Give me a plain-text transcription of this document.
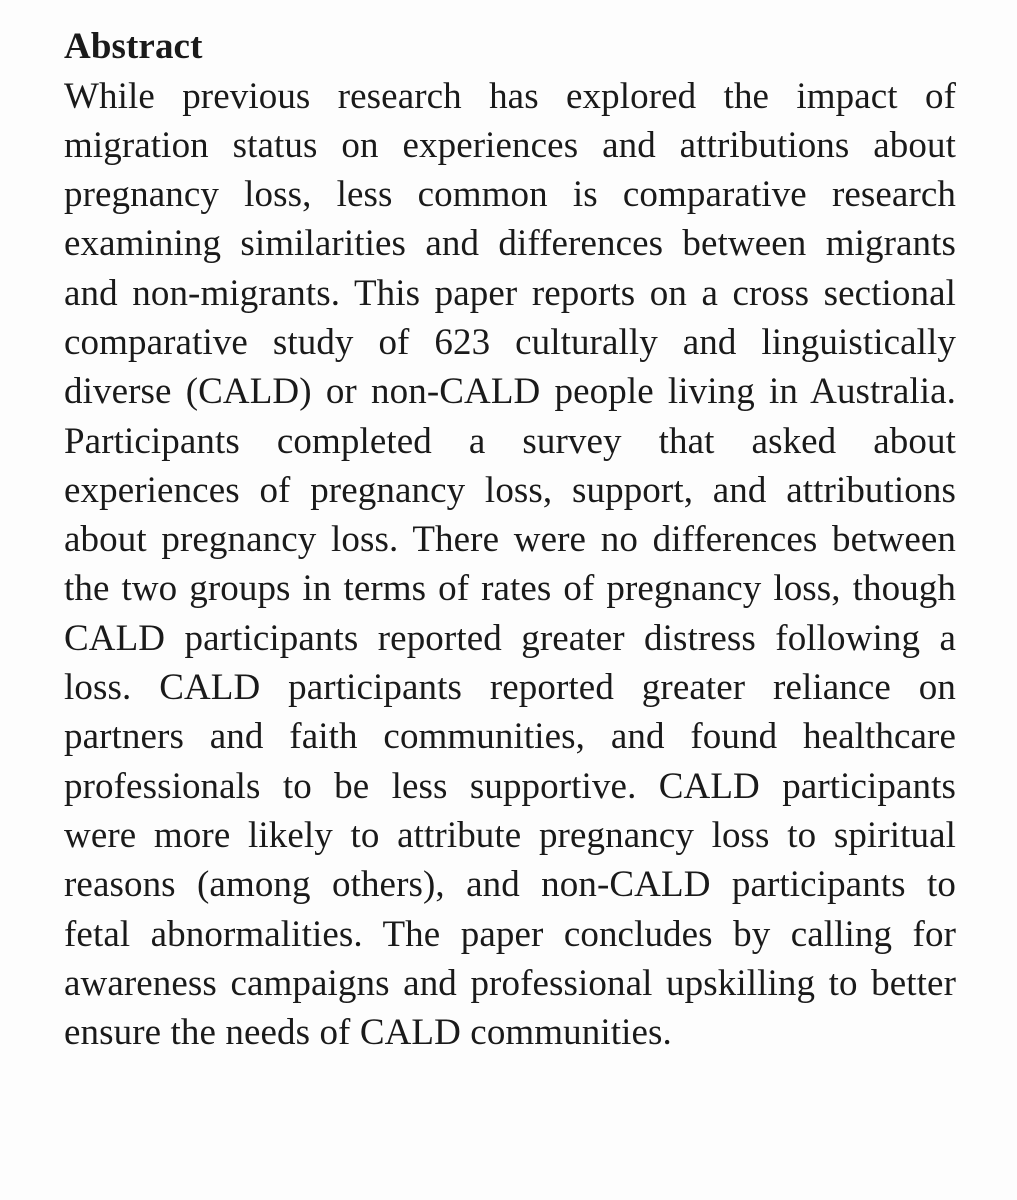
Abstract

While previous research has explored the impact of migration status on experiences and attributions about pregnancy loss, less common is comparative research examining similarities and differences between migrants and non-migrants. This paper reports on a cross sectional comparative study of 623 culturally and linguistically diverse (CALD) or non-CALD people living in Australia. Participants completed a survey that asked about experiences of pregnancy loss, support, and attributions about pregnancy loss. There were no differences between the two groups in terms of rates of pregnancy loss, though CALD participants reported greater distress following a loss. CALD participants reported greater reliance on partners and faith communities, and found healthcare professionals to be less supportive. CALD participants were more likely to attribute pregnancy loss to spiritual reasons (among others), and non-CALD participants to fetal abnormalities. The paper concludes by calling for awareness campaigns and professional upskilling to better ensure the needs of CALD communities.
